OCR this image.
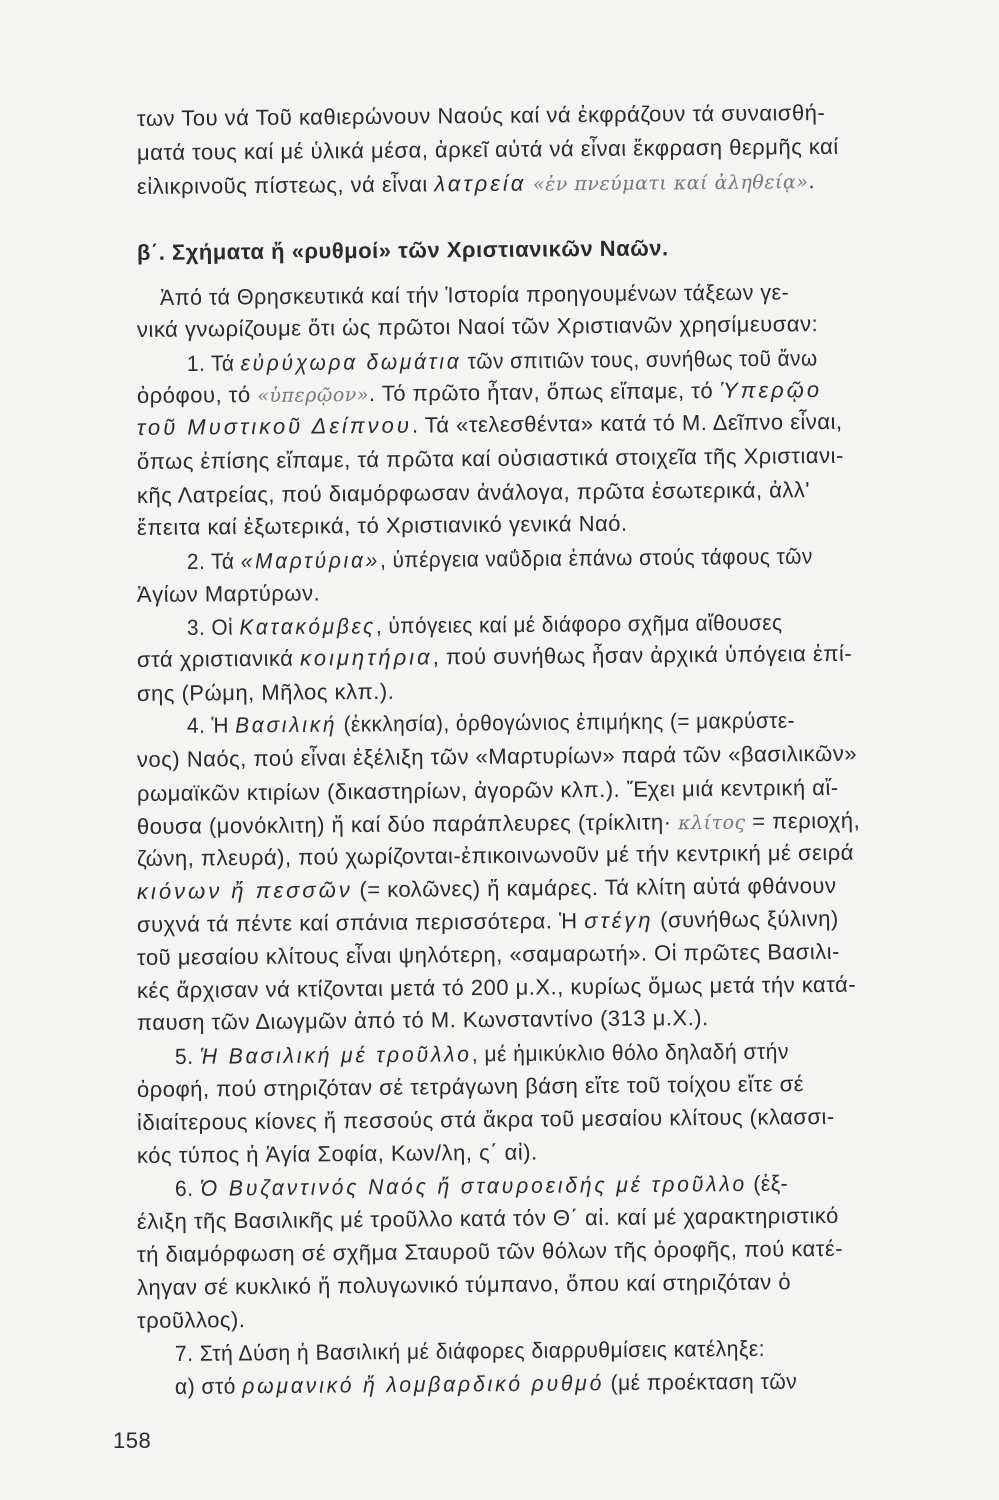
των Του νά Τοῦ καθιερώνουν Ναούς καί νά ἐκφράζουν τά συναισθή-
ματά τους καί μέ ὑλικά μέσα, ἀρκεῖ αὐτά νά εἶναι ἔκφραση θερμῆς καί
εἰλικρινοῦς πίστεως, νά εἶναι λατρεία «ἐν πνεύματι καί ἀληθείᾳ».
β΄. Σχήματα ἤ «ρυθμοί» τῶν Χριστιανικῶν Ναῶν.
Ἀπό τά Θρησκευτικά καί τήν Ἱστορία προηγουμένων τάξεων γε-
νικά γνωρίζουμε ὅτι ὡς πρῶτοι Ναοί τῶν Χριστιανῶν χρησίμευσαν:
1. Τά εὐρύχωρα δωμάτια τῶν σπιτιῶν τους, συνήθως τοῦ ἄνω
ὀρόφου, τό «ὑπερῷον». Τό πρῶτο ἦταν, ὅπως εἴπαμε, τό Ὑπερῷο
τοῦ Μυστικοῦ Δείπνου. Τά «τελεσθέντα» κατά τό Μ. Δεῖπνο εἶναι,
ὅπως ἐπίσης εἴπαμε, τά πρῶτα καί οὐσιαστικά στοιχεῖα τῆς Χριστιανι-
κῆς Λατρείας, πού διαμόρφωσαν ἀνάλογα, πρῶτα ἐσωτερικά, ἀλλ'
ἔπειτα καί ἐξωτερικά, τό Χριστιανικό γενικά Ναό.
2. Τά «Μαρτύρια», ὑπέργεια ναΰδρια ἐπάνω στούς τάφους τῶν
Ἁγίων Μαρτύρων.
3. Οἱ Κατακόμβες, ὑπόγειες καί μέ διάφορο σχῆμα αἴθουσες
στά χριστιανικά κοιμητήρια, πού συνήθως ἦσαν ἀρχικά ὑπόγεια ἐπί-
σης (Ρώμη, Μῆλος κλπ.).
4. Ἡ Βασιλική (ἐκκλησία), ὀρθογώνιος ἐπιμήκης (= μακρύστε-
νος) Ναός, πού εἶναι ἐξέλιξη τῶν «Μαρτυρίων» παρά τῶν «βασιλικῶν»
ρωμαϊκῶν κτιρίων (δικαστηρίων, ἀγορῶν κλπ.). Ἔχει μιά κεντρική αἴ-
θουσα (μονόκλιτη) ἤ καί δύο παράπλευρες (τρίκλιτη· κλίτος = περιοχή,
ζώνη, πλευρά), πού χωρίζονται-ἐπικοινωνοῦν μέ τήν κεντρική μέ σειρά
κιόνων ἤ πεσσῶν (= κολῶνες) ἤ καμάρες. Τά κλίτη αὐτά φθάνουν
συχνά τά πέντε καί σπάνια περισσότερα. Ἡ στέγη (συνήθως ξύλινη)
τοῦ μεσαίου κλίτους εἶναι ψηλότερη, «σαμαρωτή». Οἱ πρῶτες Βασιλι-
κές ἄρχισαν νά κτίζονται μετά τό 200 μ.Χ., κυρίως ὅμως μετά τήν κατά-
παυση τῶν Διωγμῶν ἀπό τό Μ. Κωνσταντίνο (313 μ.Χ.).
5. Ἡ Βασιλική μέ τροῦλλο, μέ ἡμικύκλιο θόλο δηλαδή στήν
ὀροφή, πού στηριζόταν σέ τετράγωνη βάση εἴτε τοῦ τοίχου εἴτε σέ
ἰδιαίτερους κίονες ἤ πεσσούς στά ἄκρα τοῦ μεσαίου κλίτους (κλασσι-
κός τύπος ἡ Ἁγία Σοφία, Κων/λη, ς΄ αἰ).
6. Ὁ Βυζαντινός Ναός ἤ σταυροειδής μέ τροῦλλο (ἐξ-
έλιξη τῆς Βασιλικῆς μέ τροῦλλο κατά τόν Θ΄ αἰ. καί μέ χαρακτηριστικό
τή διαμόρφωση σέ σχῆμα Σταυροῦ τῶν θόλων τῆς ὀροφῆς, πού κατέ-
ληγαν σέ κυκλικό ἤ πολυγωνικό τύμπανο, ὅπου καί στηριζόταν ὁ
τροῦλλος).
7. Στή Δύση ἡ Βασιλική μέ διάφορες διαρρυθμίσεις κατέληξε:
α) στό ρωμανικό ἤ λομβαρδικό ρυθμό (μέ προέκταση τῶν
158
